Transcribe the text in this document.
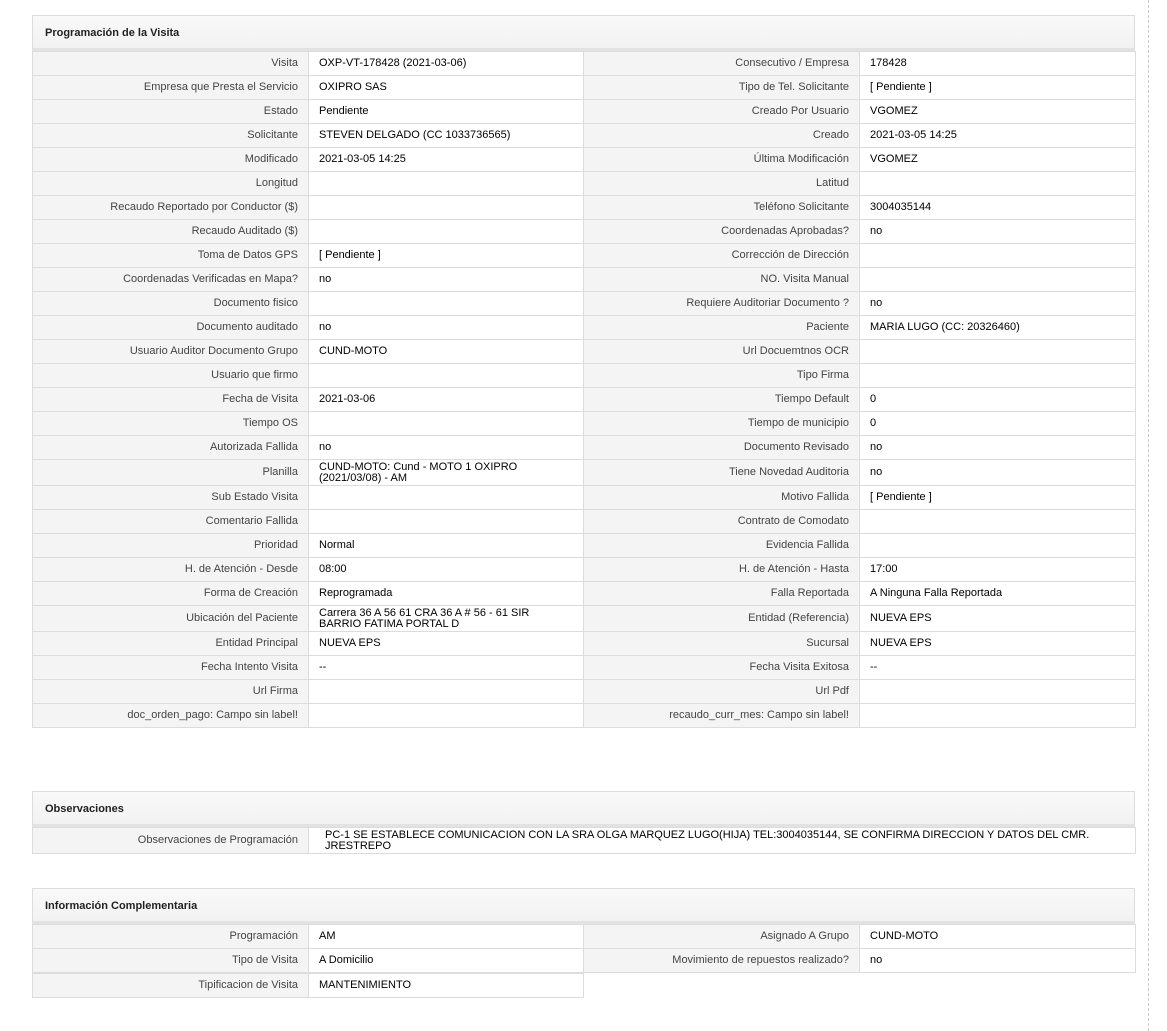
Programación de la Visita
Visita	OXP-VT-178428 (2021-03-06)	Consecutivo / Empresa	178428
Empresa que Presta el Servicio	OXIPRO SAS	Tipo de Tel. Solicitante	[ Pendiente ]
Estado	Pendiente	Creado Por Usuario	VGOMEZ
Solicitante	STEVEN DELGADO (CC 1033736565)	Creado	2021-03-05 14:25
Modificado	2021-03-05 14:25	Última Modificación	VGOMEZ
Longitud		Latitud	
Recaudo Reportado por Conductor ($)		Teléfono Solicitante	3004035144
Recaudo Auditado ($)		Coordenadas Aprobadas?	no
Toma de Datos GPS	[ Pendiente ]	Corrección de Dirección	
Coordenadas Verificadas en Mapa?	no	NO. Visita Manual	
Documento fisico		Requiere Auditoriar Documento ?	no
Documento auditado	no	Paciente	MARIA LUGO (CC: 20326460)
Usuario Auditor Documento Grupo	CUND-MOTO	Url Docuemtnos OCR	
Usuario que firmo		Tipo Firma	
Fecha de Visita	2021-03-06	Tiempo Default	0
Tiempo OS		Tiempo de municipio	0
Autorizada Fallida	no	Documento Revisado	no
Planilla	CUND-MOTO: Cund - MOTO 1 OXIPRO (2021/03/08) - AM	Tiene Novedad Auditoria	no
Sub Estado Visita		Motivo Fallida	[ Pendiente ]
Comentario Fallida		Contrato de Comodato	
Prioridad	Normal	Evidencia Fallida	
H. de Atención - Desde	08:00	H. de Atención - Hasta	17:00
Forma de Creación	Reprogramada	Falla Reportada	A Ninguna Falla Reportada
Ubicación del Paciente	Carrera 36 A 56 61 CRA 36 A # 56 - 61 SIR BARRIO FATIMA PORTAL D	Entidad (Referencia)	NUEVA EPS
Entidad Principal	NUEVA EPS	Sucursal	NUEVA EPS
Fecha Intento Visita	--	Fecha Visita Exitosa	--
Url Firma		Url Pdf	
doc_orden_pago: Campo sin label!		recaudo_curr_mes: Campo sin label!	
Observaciones
Observaciones de Programación	PC-1 SE ESTABLECE COMUNICACION CON LA SRA OLGA MARQUEZ LUGO(HIJA) TEL:3004035144, SE CONFIRMA DIRECCION Y DATOS DEL CMR. JRESTREPO
Información Complementaria
Programación	AM	Asignado A Grupo	CUND-MOTO
Tipo de Visita	A Domicilio	Movimiento de repuestos realizado?	no
Tipificacion de Visita	MANTENIMIENTO
